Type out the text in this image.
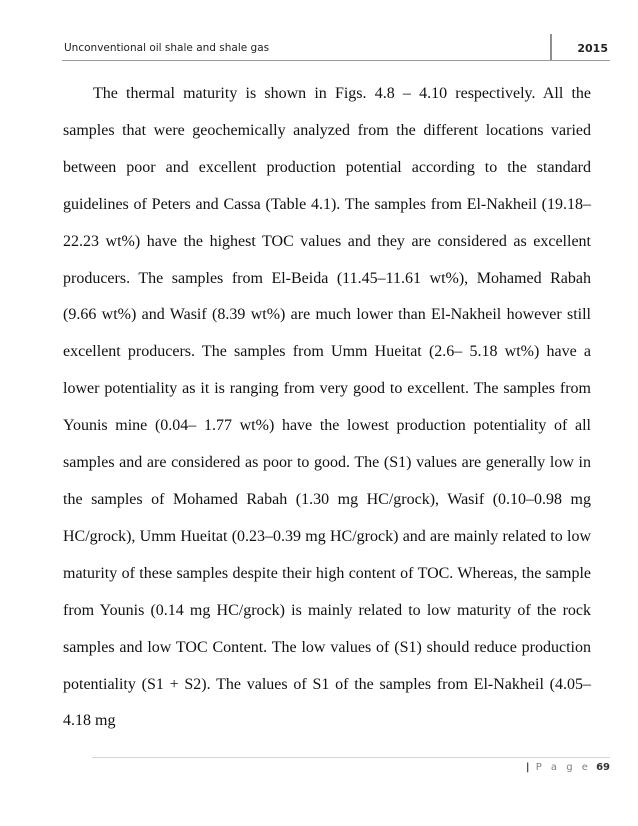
Unconventional oil shale and shale gas	2015

The thermal maturity is shown in Figs. 4.8 – 4.10 respectively. All the samples that were geochemically analyzed from the different locations varied between poor and excellent production potential according to the standard guidelines of Peters and Cassa (Table 4.1). The samples from El-Nakheil (19.18–22.23 wt%) have the highest TOC values and they are considered as excellent producers. The samples from El-Beida (11.45–11.61 wt%), Mohamed Rabah (9.66 wt%) and Wasif (8.39 wt%) are much lower than El-Nakheil however still excellent producers. The samples from Umm Hueitat (2.6– 5.18 wt%) have a lower potentiality as it is ranging from very good to excellent. The samples from Younis mine (0.04– 1.77 wt%) have the lowest production potentiality of all samples and are considered as poor to good. The (S1) values are generally low in the samples of Mohamed Rabah (1.30 mg HC/grock), Wasif (0.10–0.98 mg HC/grock), Umm Hueitat (0.23–0.39 mg HC/grock) and are mainly related to low maturity of these samples despite their high content of TOC. Whereas, the sample from Younis (0.14 mg HC/grock) is mainly related to low maturity of the rock samples and low TOC Content. The low values of (S1) should reduce production potentiality (S1 + S2). The values of S1 of the samples from El-Nakheil (4.05–4.18 mg

| P a g e 69
